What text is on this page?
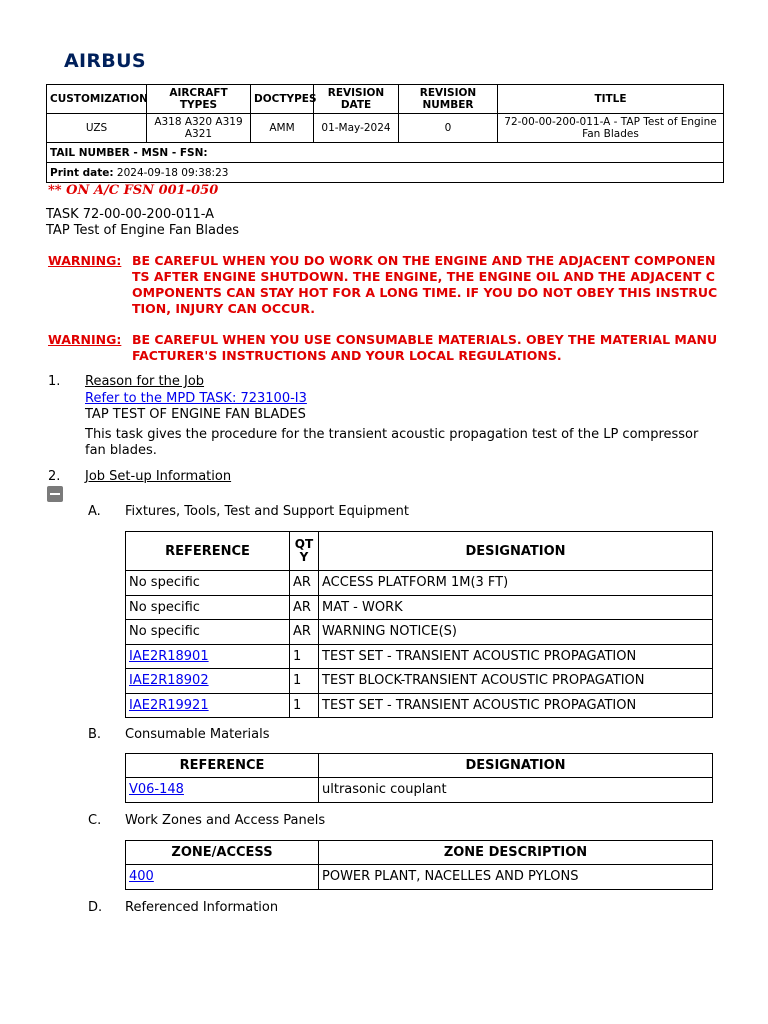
AIRBUS
CUSTOMIZATION	AIRCRAFT TYPES	DOCTYPES	REVISION DATE	REVISION NUMBER	TITLE
UZS	A318 A320 A319 A321	AMM	01-May-2024	0	72-00-00-200-011-A - TAP Test of Engine Fan Blades
TAIL NUMBER - MSN - FSN:					
Print date: 2024-09-18 09:38:23					
** ON A/C FSN 001-050
TASK 72-00-00-200-011-A
TAP Test of Engine Fan Blades
WARNING: BE CAREFUL WHEN YOU DO WORK ON THE ENGINE AND THE ADJACENT COMPONENTS AFTER ENGINE SHUTDOWN. THE ENGINE, THE ENGINE OIL AND THE ADJACENT COMPONENTS CAN STAY HOT FOR A LONG TIME. IF YOU DO NOT OBEY THIS INSTRUCTION, INJURY CAN OCCUR.
WARNING: BE CAREFUL WHEN YOU USE CONSUMABLE MATERIALS. OBEY THE MATERIAL MANUFACTURER'S INSTRUCTIONS AND YOUR LOCAL REGULATIONS.
1. Reason for the Job
Refer to the MPD TASK: 723100-I3
TAP TEST OF ENGINE FAN BLADES
This task gives the procedure for the transient acoustic propagation test of the LP compressor fan blades.
2. Job Set-up Information
A. Fixtures, Tools, Test and Support Equipment
REFERENCE	QTY	DESIGNATION
No specific	AR	ACCESS PLATFORM 1M(3 FT)
No specific	AR	MAT - WORK
No specific	AR	WARNING NOTICE(S)
IAE2R18901	1	TEST SET - TRANSIENT ACOUSTIC PROPAGATION
IAE2R18902	1	TEST BLOCK-TRANSIENT ACOUSTIC PROPAGATION
IAE2R19921	1	TEST SET - TRANSIENT ACOUSTIC PROPAGATION
B. Consumable Materials
REFERENCE	DESIGNATION
V06-148	ultrasonic couplant
C. Work Zones and Access Panels
ZONE/ACCESS	ZONE DESCRIPTION
400	POWER PLANT, NACELLES AND PYLONS
D. Referenced Information
